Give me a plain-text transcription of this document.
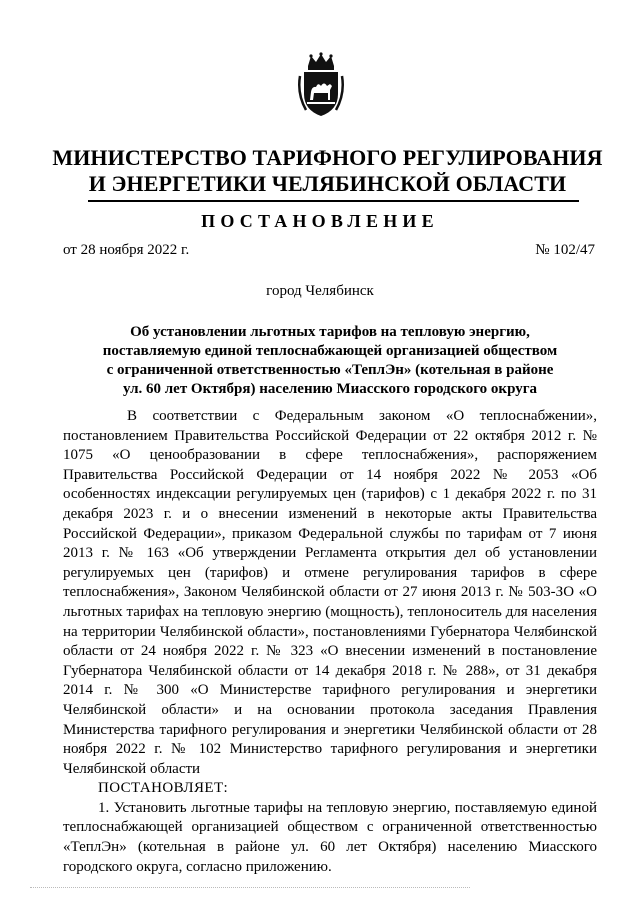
МИНИСТЕРСТВО ТАРИФНОГО РЕГУЛИРОВАНИЯ
И ЭНЕРГЕТИКИ ЧЕЛЯБИНСКОЙ ОБЛАСТИ
ПОСТАНОВЛЕНИЕ
от 28 ноября 2022 г.	№ 102/47
город Челябинск
Об установлении льготных тарифов на тепловую энергию,
поставляемую единой теплоснабжающей организацией обществом
с ограниченной ответственностью «ТеплЭн» (котельная в районе
ул. 60 лет Октября) населению Миасского городского округа

В соответствии с Федеральным законом «О теплоснабжении», постановлением Правительства Российской Федерации от 22 октября 2012 г. № 1075 «О ценообразовании в сфере теплоснабжения», распоряжением Правительства Российской Федерации от 14 ноября 2022 № 2053 «Об особенностях индексации регулируемых цен (тарифов) с 1 декабря 2022 г. по 31 декабря 2023 г. и о внесении изменений в некоторые акты Правительства Российской Федерации», приказом Федеральной службы по тарифам от 7 июня 2013 г. № 163 «Об утверждении Регламента открытия дел об установлении регулируемых цен (тарифов) и отмене регулирования тарифов в сфере теплоснабжения», Законом Челябинской области от 27 июня 2013 г. № 503-ЗО «О льготных тарифах на тепловую энергию (мощность), теплоноситель для населения на территории Челябинской области», постановлениями Губернатора Челябинской области от 24 ноября 2022 г. № 323 «О внесении изменений в постановление Губернатора Челябинской области от 14 декабря 2018 г. № 288», от 31 декабря 2014 г. № 300 «О Министерстве тарифного регулирования и энергетики Челябинской области» и на основании протокола заседания Правления Министерства тарифного регулирования и энергетики Челябинской области от 28 ноября 2022 г. № 102 Министерство тарифного регулирования и энергетики Челябинской области

ПОСТАНОВЛЯЕТ:

1. Установить льготные тарифы на тепловую энергию, поставляемую единой теплоснабжающей организацией обществом с ограниченной ответственностью «ТеплЭн» (котельная в районе ул. 60 лет Октября) населению Миасского городского округа, согласно приложению.
